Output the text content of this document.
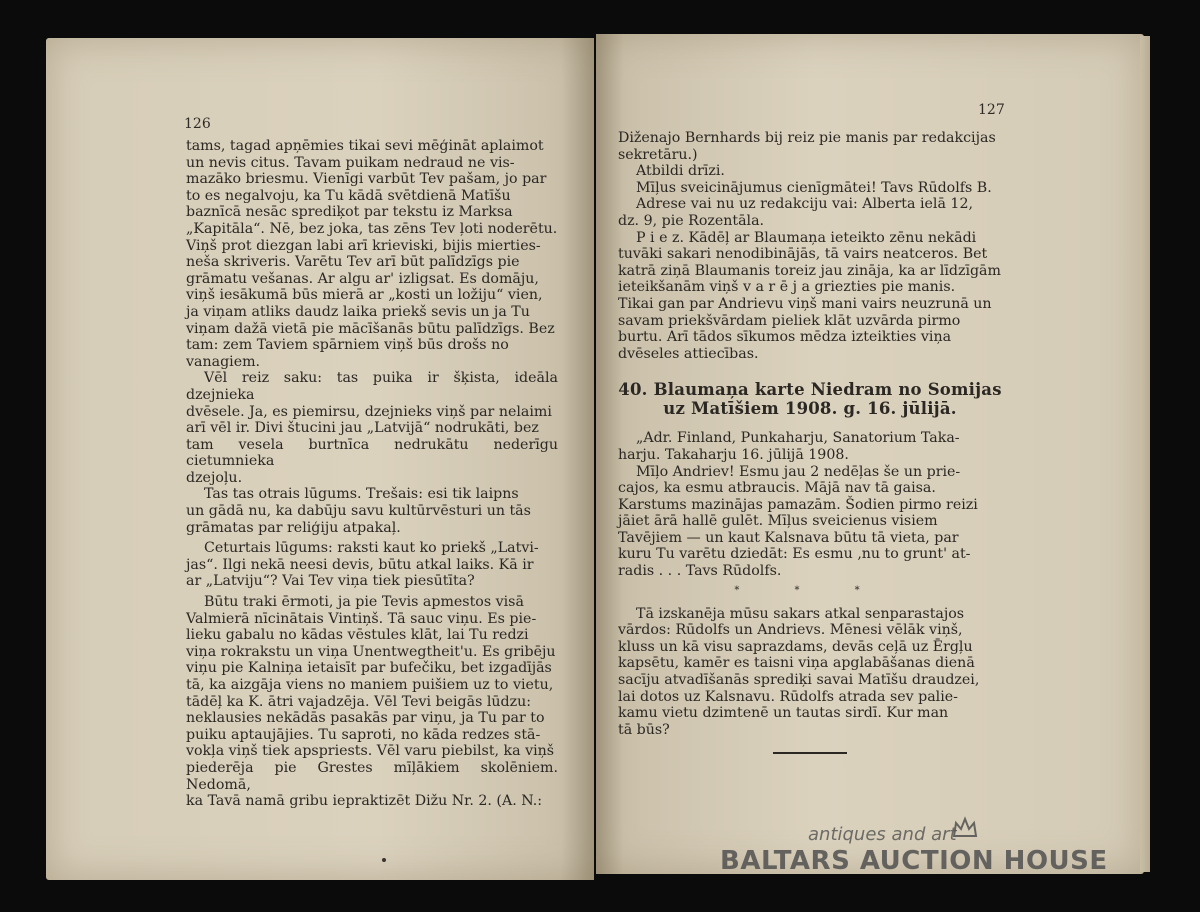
126

tams, tagad apņēmies tikai sevi mēģināt aplaimot

un nevis citus. Tavam puikam nedraud ne vis-

mazākо briesmu. Vienīgi varbūt Tev pašam, jo par

to es negalvoju, ka Tu kādā svētdienā Matīšu

baznīcā nesāc sprediķot par tekstu iz Marksa

„Kapitāla“. Nē, bez joka, tas zēns Tev ļoti noderētu.

Viņš prot diezgan labi arī krieviski, bijis mierties-

neša skriveris. Varētu Tev arī būt palīdzīgs pie

grāmatu vešanas. Ar algu ar' izligsat. Es domāju,

viņš iesākumā būs mierā ar „kosti un ložiju“ vien,

ja viņam atliks daudz laika priekš sevis un ja Tu

viņam dažā vietā pie mācīšanās būtu palīdzīgs. Bez

tam: zem Taviem spārniem viņš būs drošs no

vanagiem.

Vēl reiz saku: tas puika ir šķista, ideāla dzejnieka

dvēsele. Ja, es piemirsu, dzejnieks viņš par nelaimi

arī vēl ir. Divi štucini jau „Latvijā“ nodrukāti, bez

tam vesela burtnīca nedrukātu nederīgu cietumnieka

dzejoļu.

Tas tas otrais lūgums. Trešais: esi tik laipns

un gādā nu, ka dabūju savu kultūrvēsturi un tās

grāmatas par reliģiju atpakaļ.

Ceturtais lūgums: raksti kaut ko priekš „Latvi-

jas“. Ilgi nekā neesi devis, būtu atkal laiks. Kā ir

ar „Latviju“? Vai Tev viņa tiek piesūtīta?

Būtu traki ērmoti, ja pie Tevis apmestos visā

Valmierā nīcinātais Vintiņš. Tā sauc viņu. Es pie-

lieku gabalu no kādas vēstules klāt, lai Tu redzi

viņa rokrakstu un viņa Unentwegtheit'u. Es gribēju

viņu pie Kalniņa ietaisīt par bufečiku, bet izgadījās

tā, ka aizgāja viens no maniem puišiem uz to vietu,

tādēļ ka K. ātri vajadzēja. Vēl Tevi beigās lūdzu:

neklausies nekādās pasakās par viņu, ja Tu par to

puiku aptaujājies. Tu saproti, no kāda redzes stā-

vokļa viņš tiek apspriests. Vēl varu piebilst, ka viņš

piederēja pie Grestes mīļākiem skolēniem. Nedomā,

ka Tavā namā gribu iepraktizēt Dižu Nr. 2. (A. N.:

127

Diženajo Bernhards bij reiz pie manis par redakcijas

sekretāru.)

Atbildi drīzi.

Mīļus sveicinājumus cienīgmātei! Tavs Rūdolfs B.

Adrese vai nu uz redakciju vai: Alberta ielā 12,

dz. 9, pie Rozentāla.

P i e z. Kādēļ ar Blaumaņa ieteikto zēnu nekādi

tuvāki sakari nenodibinājās, tā vairs neatceros. Bet

katrā ziņā Blaumanis toreiz jau zināja, ka ar līdzīgām

ieteikšanām viņš v a r ē j a griezties pie manis.

Tikai gan par Andrievu viņš mani vairs neuzrunā un

savam priekšvārdam pieliek klāt uzvārda pirmo

burtu. Arī tādos sīkumos mēdza izteikties viņa

dvēseles attiecības.

40. Blaumaņa karte Niedram no Somijas
uz Matīšiem 1908. g. 16. jūlijā.

„Adr. Finland, Punkaharju, Sanatorium Taka-

harju. Takaharju 16. jūlijā 1908.

Mīļo Andriev! Esmu jau 2 nedēļas še un prie-

cajos, ka esmu atbraucis. Mājā nav tā gaisa.

Karstums mazinājas pamazām. Šodien pirmo reizi

jāiet ārā hallē gulēt. Mīļus sveicienus visiem

Tavējiem — un kaut Kalsnava būtu tā vieta, par

kuru Tu varētu dziedāt: Es esmu ‚nu to grunt' at-

radis . . . Tavs Rūdolfs.

* * *

Tā izskanēja mūsu sakars atkal senparastajos

vārdos: Rūdolfs un Andrievs. Mēnesi vēlāk viņš,

kluss un kā visu saprazdams, devās ceļā uz Ērgļu

kapsētu, kamēr es taisni viņa apglabāšanas dienā

sacīju atvadīšanās sprediķi savai Matīšu draudzei,

lai dotos uz Kalsnavu. Rūdolfs atrada sev palie-

kamu vietu dzimtenē un tautas sirdī. Kur man

tā būs?

antiques and art
BALTARS AUCTION HOUSE
